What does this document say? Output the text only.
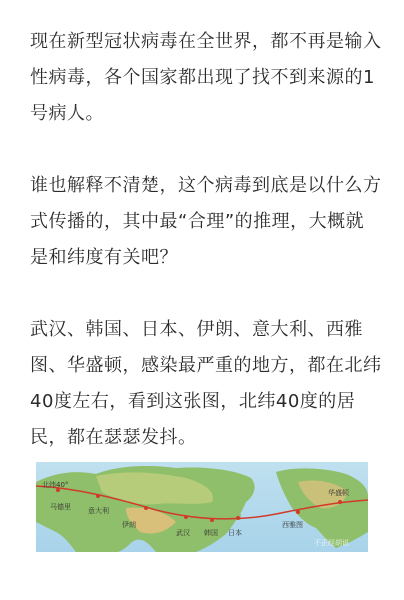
现在新型冠状病毒在全世界，都不再是输入性病毒，各个国家都出现了找不到来源的1号病人。

谁也解释不清楚，这个病毒到底是以什么方式传播的，其中最“合理”的推理，大概就是和纬度有关吧？

武汉、韩国、日本、伊朗、意大利、西雅图、华盛顿，感染最严重的地方，都在北纬40度左右，看到这张图，北纬40度的居民，都在瑟瑟发抖。

北纬40°
马德里 意大利
伊朗
武汉 韩国 日本
西雅图
华盛顿
不正经胡说
